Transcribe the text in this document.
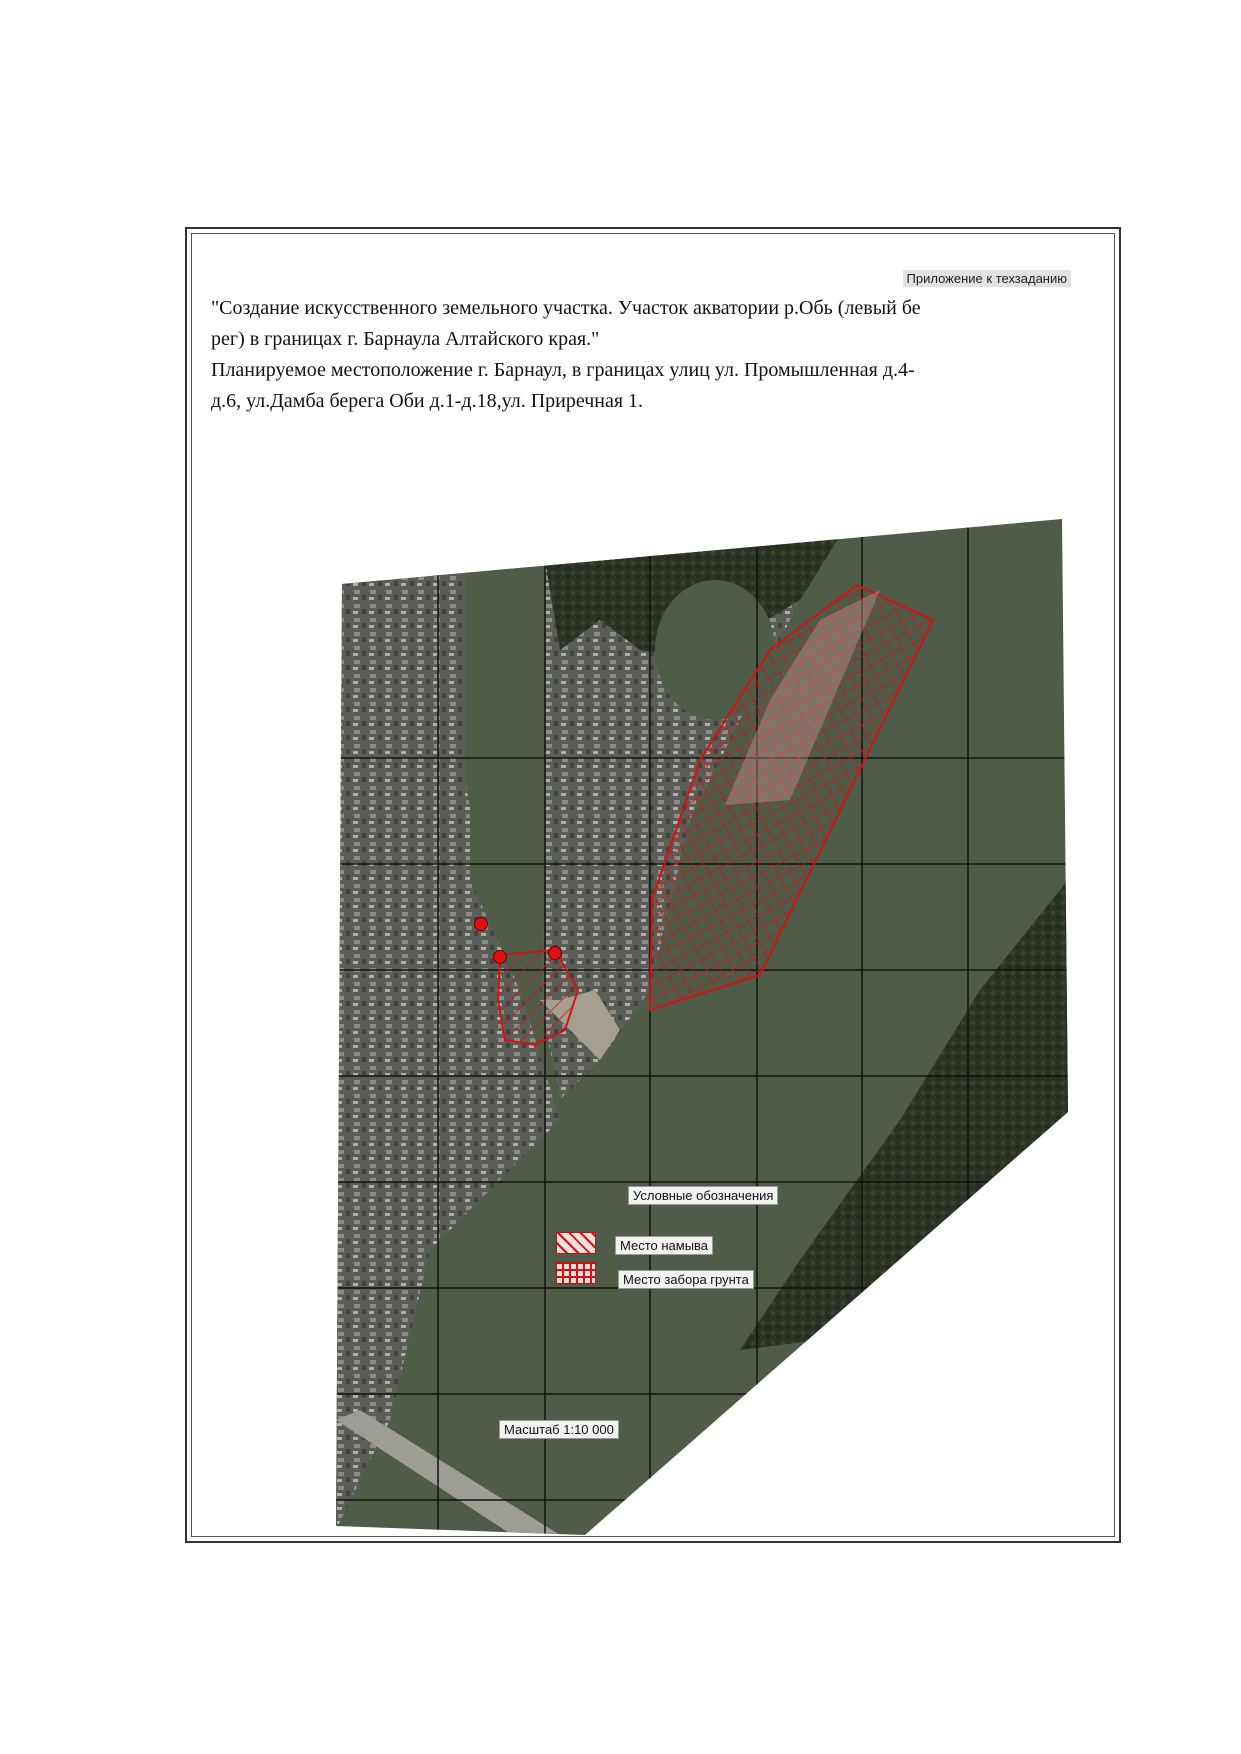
Приложение к техзаданию
"Создание искусственного земельного участка. Участок акватории р.Обь (левый бе
рег) в границах г. Барнаула Алтайского края."
Планируемое местоположение г. Барнаул, в границах улиц ул. Промышленная д.4-
д.6, ул.Дамба берега Оби д.1-д.18,ул. Приречная 1.
Условные обозначения
Место намыва
Место забора грунта
Масштаб 1:10 000
